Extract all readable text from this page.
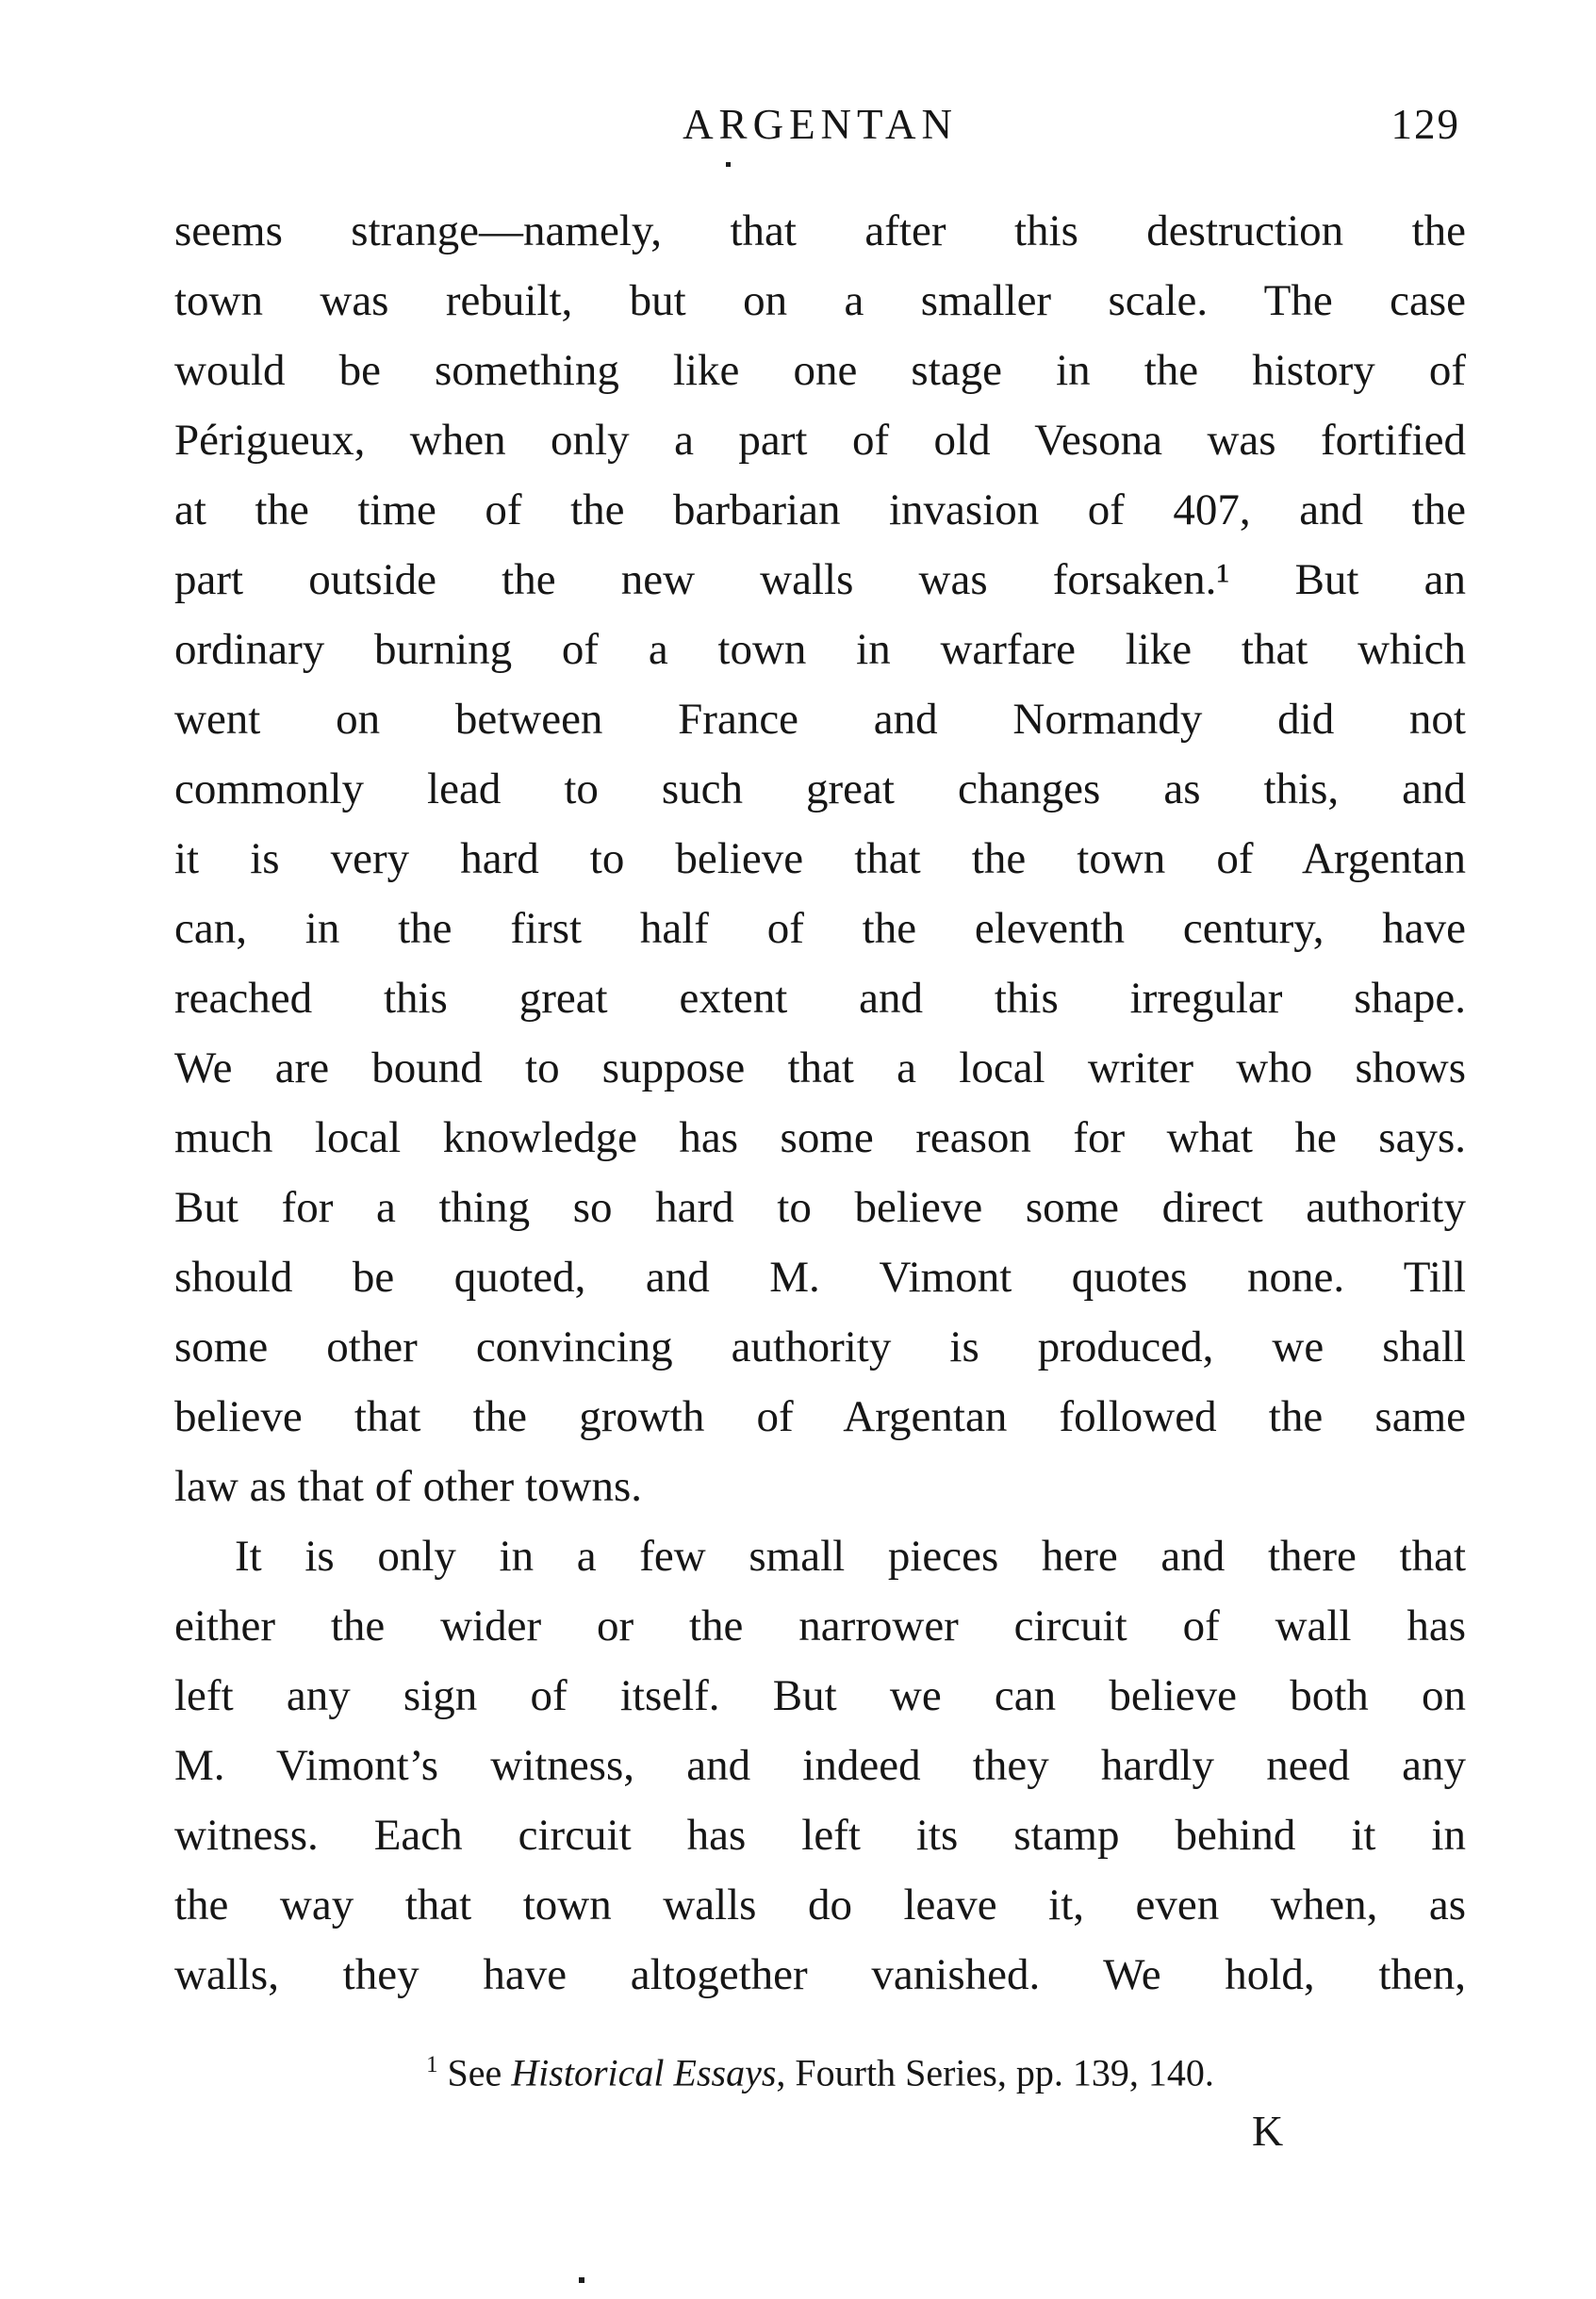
ARGENTAN	129
seems strange—namely, that after this destruction the
town was rebuilt, but on a smaller scale. The case
would be something like one stage in the history of
Périgueux, when only a part of old Vesona was fortified
at the time of the barbarian invasion of 407, and the
part outside the new walls was forsaken.¹ But an
ordinary burning of a town in warfare like that which
went on between France and Normandy did not
commonly lead to such great changes as this, and
it is very hard to believe that the town of Argentan
can, in the first half of the eleventh century, have
reached this great extent and this irregular shape.
We are bound to suppose that a local writer who shows
much local knowledge has some reason for what he says.
But for a thing so hard to believe some direct authority
should be quoted, and M. Vimont quotes none. Till
some other convincing authority is produced, we shall
believe that the growth of Argentan followed the same
law as that of other towns.
It is only in a few small pieces here and there that
either the wider or the narrower circuit of wall has
left any sign of itself. But we can believe both on
M. Vimont’s witness, and indeed they hardly need any
witness. Each circuit has left its stamp behind it in
the way that town walls do leave it, even when, as
walls, they have altogether vanished. We hold, then,
$^1$ See Historical Essays, Fourth Series, pp. 139, 140.
K
